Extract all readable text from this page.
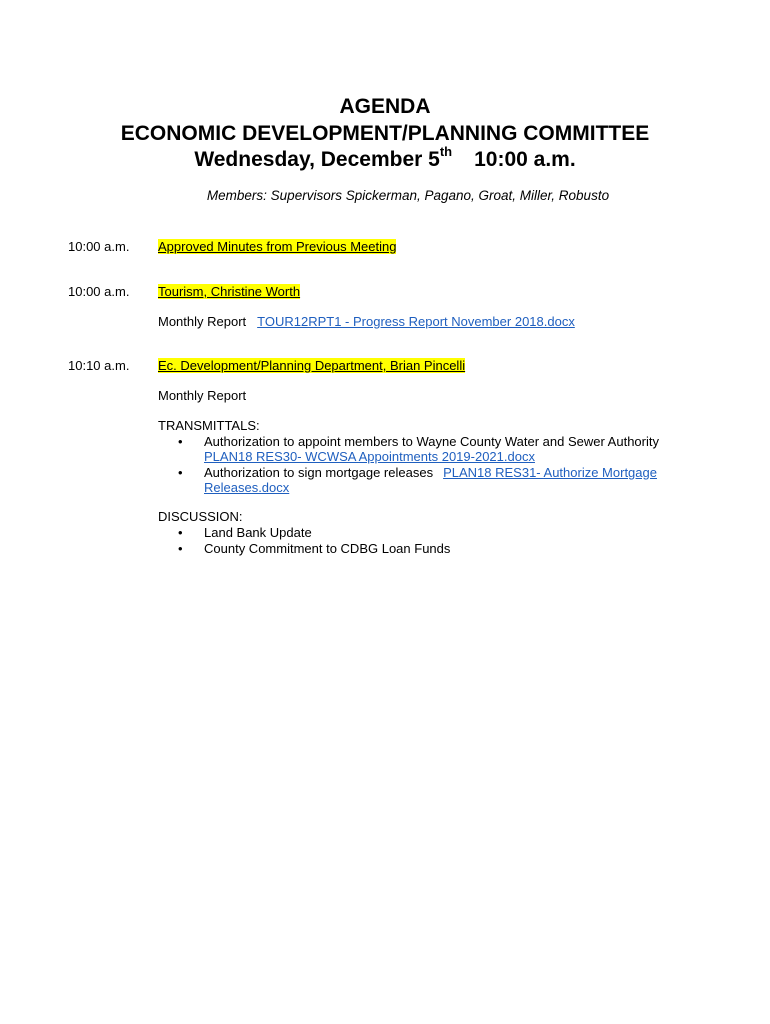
AGENDA
ECONOMIC DEVELOPMENT/PLANNING COMMITTEE
Wednesday, December 5th 10:00 a.m.
Members: Supervisors Spickerman, Pagano, Groat, Miller, Robusto
10:00 a.m. Approved Minutes from Previous Meeting
10:00 a.m. Tourism, Christine Worth
Monthly Report TOUR12RPT1 - Progress Report November 2018.docx
10:10 a.m. Ec. Development/Planning Department, Brian Pincelli
Monthly Report
TRANSMITTALS:
• Authorization to appoint members to Wayne County Water and Sewer Authority
PLAN18 RES30- WCWSA Appointments 2019-2021.docx
• Authorization to sign mortgage releases PLAN18 RES31- Authorize Mortgage
Releases.docx
DISCUSSION:
• Land Bank Update
• County Commitment to CDBG Loan Funds
